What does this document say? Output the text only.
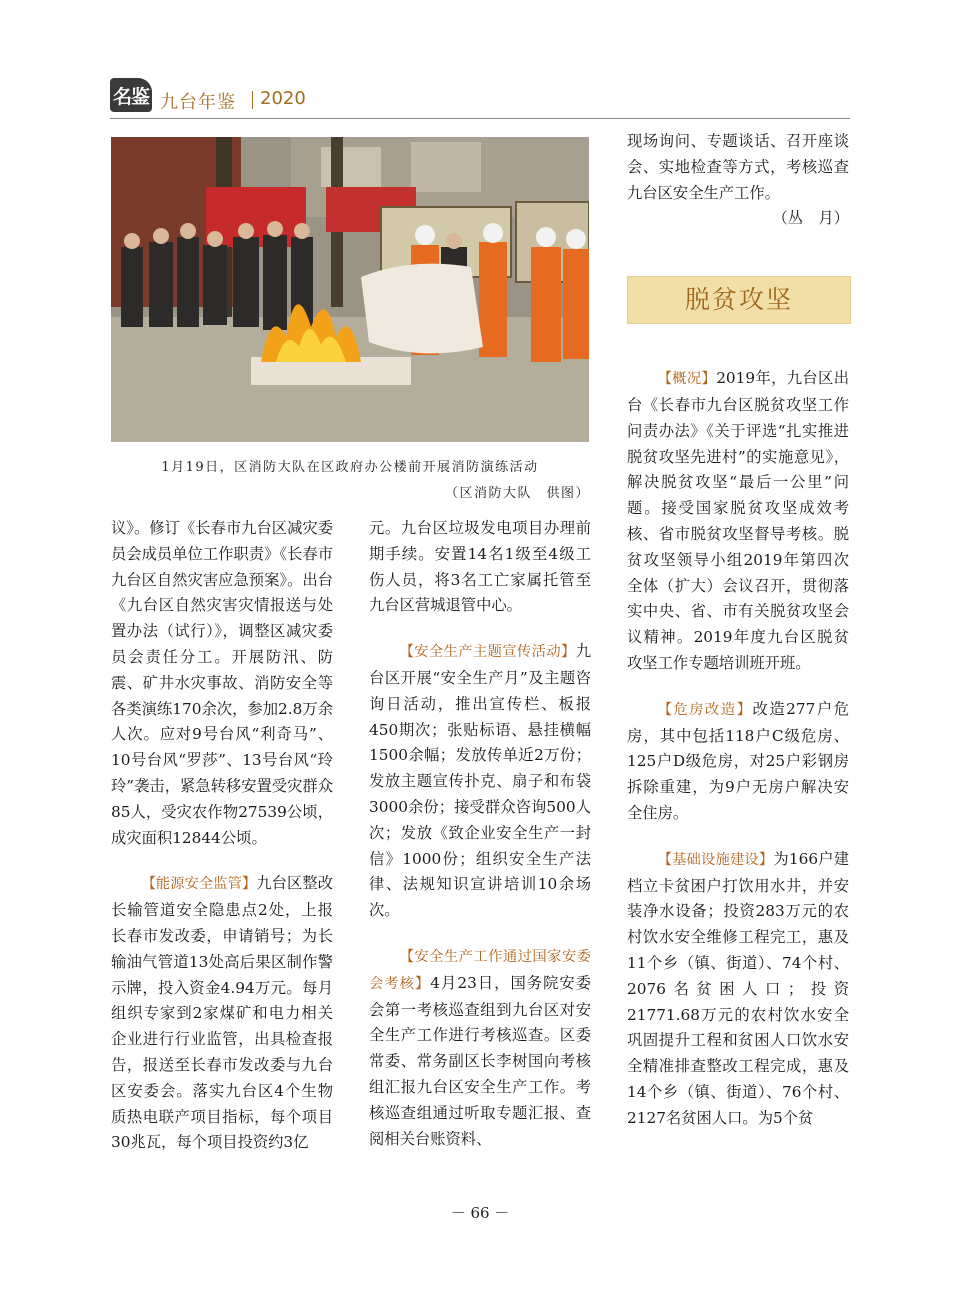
名鉴 九台年鉴 2020
1月19日，区消防大队在区政府办公楼前开展消防演练活动
（区消防大队　供图）

议》。修订《长春市九台区减灾委员会成员单位工作职责》《长春市九台区自然灾害应急预案》。出台《九台区自然灾害灾情报送与处置办法（试行）》，调整区减灾委员会责任分工。开展防汛、防震、矿井水灾事故、消防安全等各类演练170余次，参加2.8万余人次。应对9号台风“利奇马”、10号台风“罗莎”、13号台风“玲玲”袭击，紧急转移安置受灾群众85人，受灾农作物27539公顷，成灾面积12844公顷。

【能源安全监管】九台区整改长输管道安全隐患点2处，上报长春市发改委，申请销号；为长输油气管道13处高后果区制作警示牌，投入资金4.94万元。每月组织专家到2家煤矿和电力相关企业进行行业监管，出具检查报告，报送至长春市发改委与九台区安委会。落实九台区4个生物质热电联产项目指标，每个项目30兆瓦，每个项目投资约3亿

元。九台区垃圾发电项目办理前期手续。安置14名1级至4级工伤人员，将3名工亡家属托管至九台区营城退管中心。

【安全生产主题宣传活动】九台区开展“安全生产月”及主题咨询日活动，推出宣传栏、板报450期次；张贴标语、悬挂横幅1500余幅；发放传单近2万份；发放主题宣传扑克、扇子和布袋3000余份；接受群众咨询500人次；发放《致企业安全生产一封信》1000份；组织安全生产法律、法规知识宣讲培训10余场次。

【安全生产工作通过国家安委会考核】4月23日，国务院安委会第一考核巡查组到九台区对安全生产工作进行考核巡查。区委常委、常务副区长李树国向考核组汇报九台区安全生产工作。考核巡查组通过听取专题汇报、查阅相关台账资料、

现场询问、专题谈话、召开座谈会、实地检查等方式，考核巡查九台区安全生产工作。

（丛　月）

脱贫攻坚

【概况】2019年，九台区出台《长春市九台区脱贫攻坚工作问责办法》《关于评选“扎实推进脱贫攻坚先进村”的实施意见》，解决脱贫攻坚“最后一公里”问题。接受国家脱贫攻坚成效考核、省市脱贫攻坚督导考核。脱贫攻坚领导小组2019年第四次全体（扩大）会议召开，贯彻落实中央、省、市有关脱贫攻坚会议精神。2019年度九台区脱贫攻坚工作专题培训班开班。

【危房改造】改造277户危房，其中包括118户C级危房、125户D级危房，对25户彩钢房拆除重建，为9户无房户解决安全住房。

【基础设施建设】为166户建档立卡贫困户打饮用水井，并安装净水设备；投资283万元的农村饮水安全维修工程完工，惠及11个乡（镇、街道）、74个村、2076名贫困人口；投资21771.68万元的农村饮水安全巩固提升工程和贫困人口饮水安全精准排查整改工程完成，惠及14个乡（镇、街道）、76个村、2127名贫困人口。为5个贫

－ 66 －
